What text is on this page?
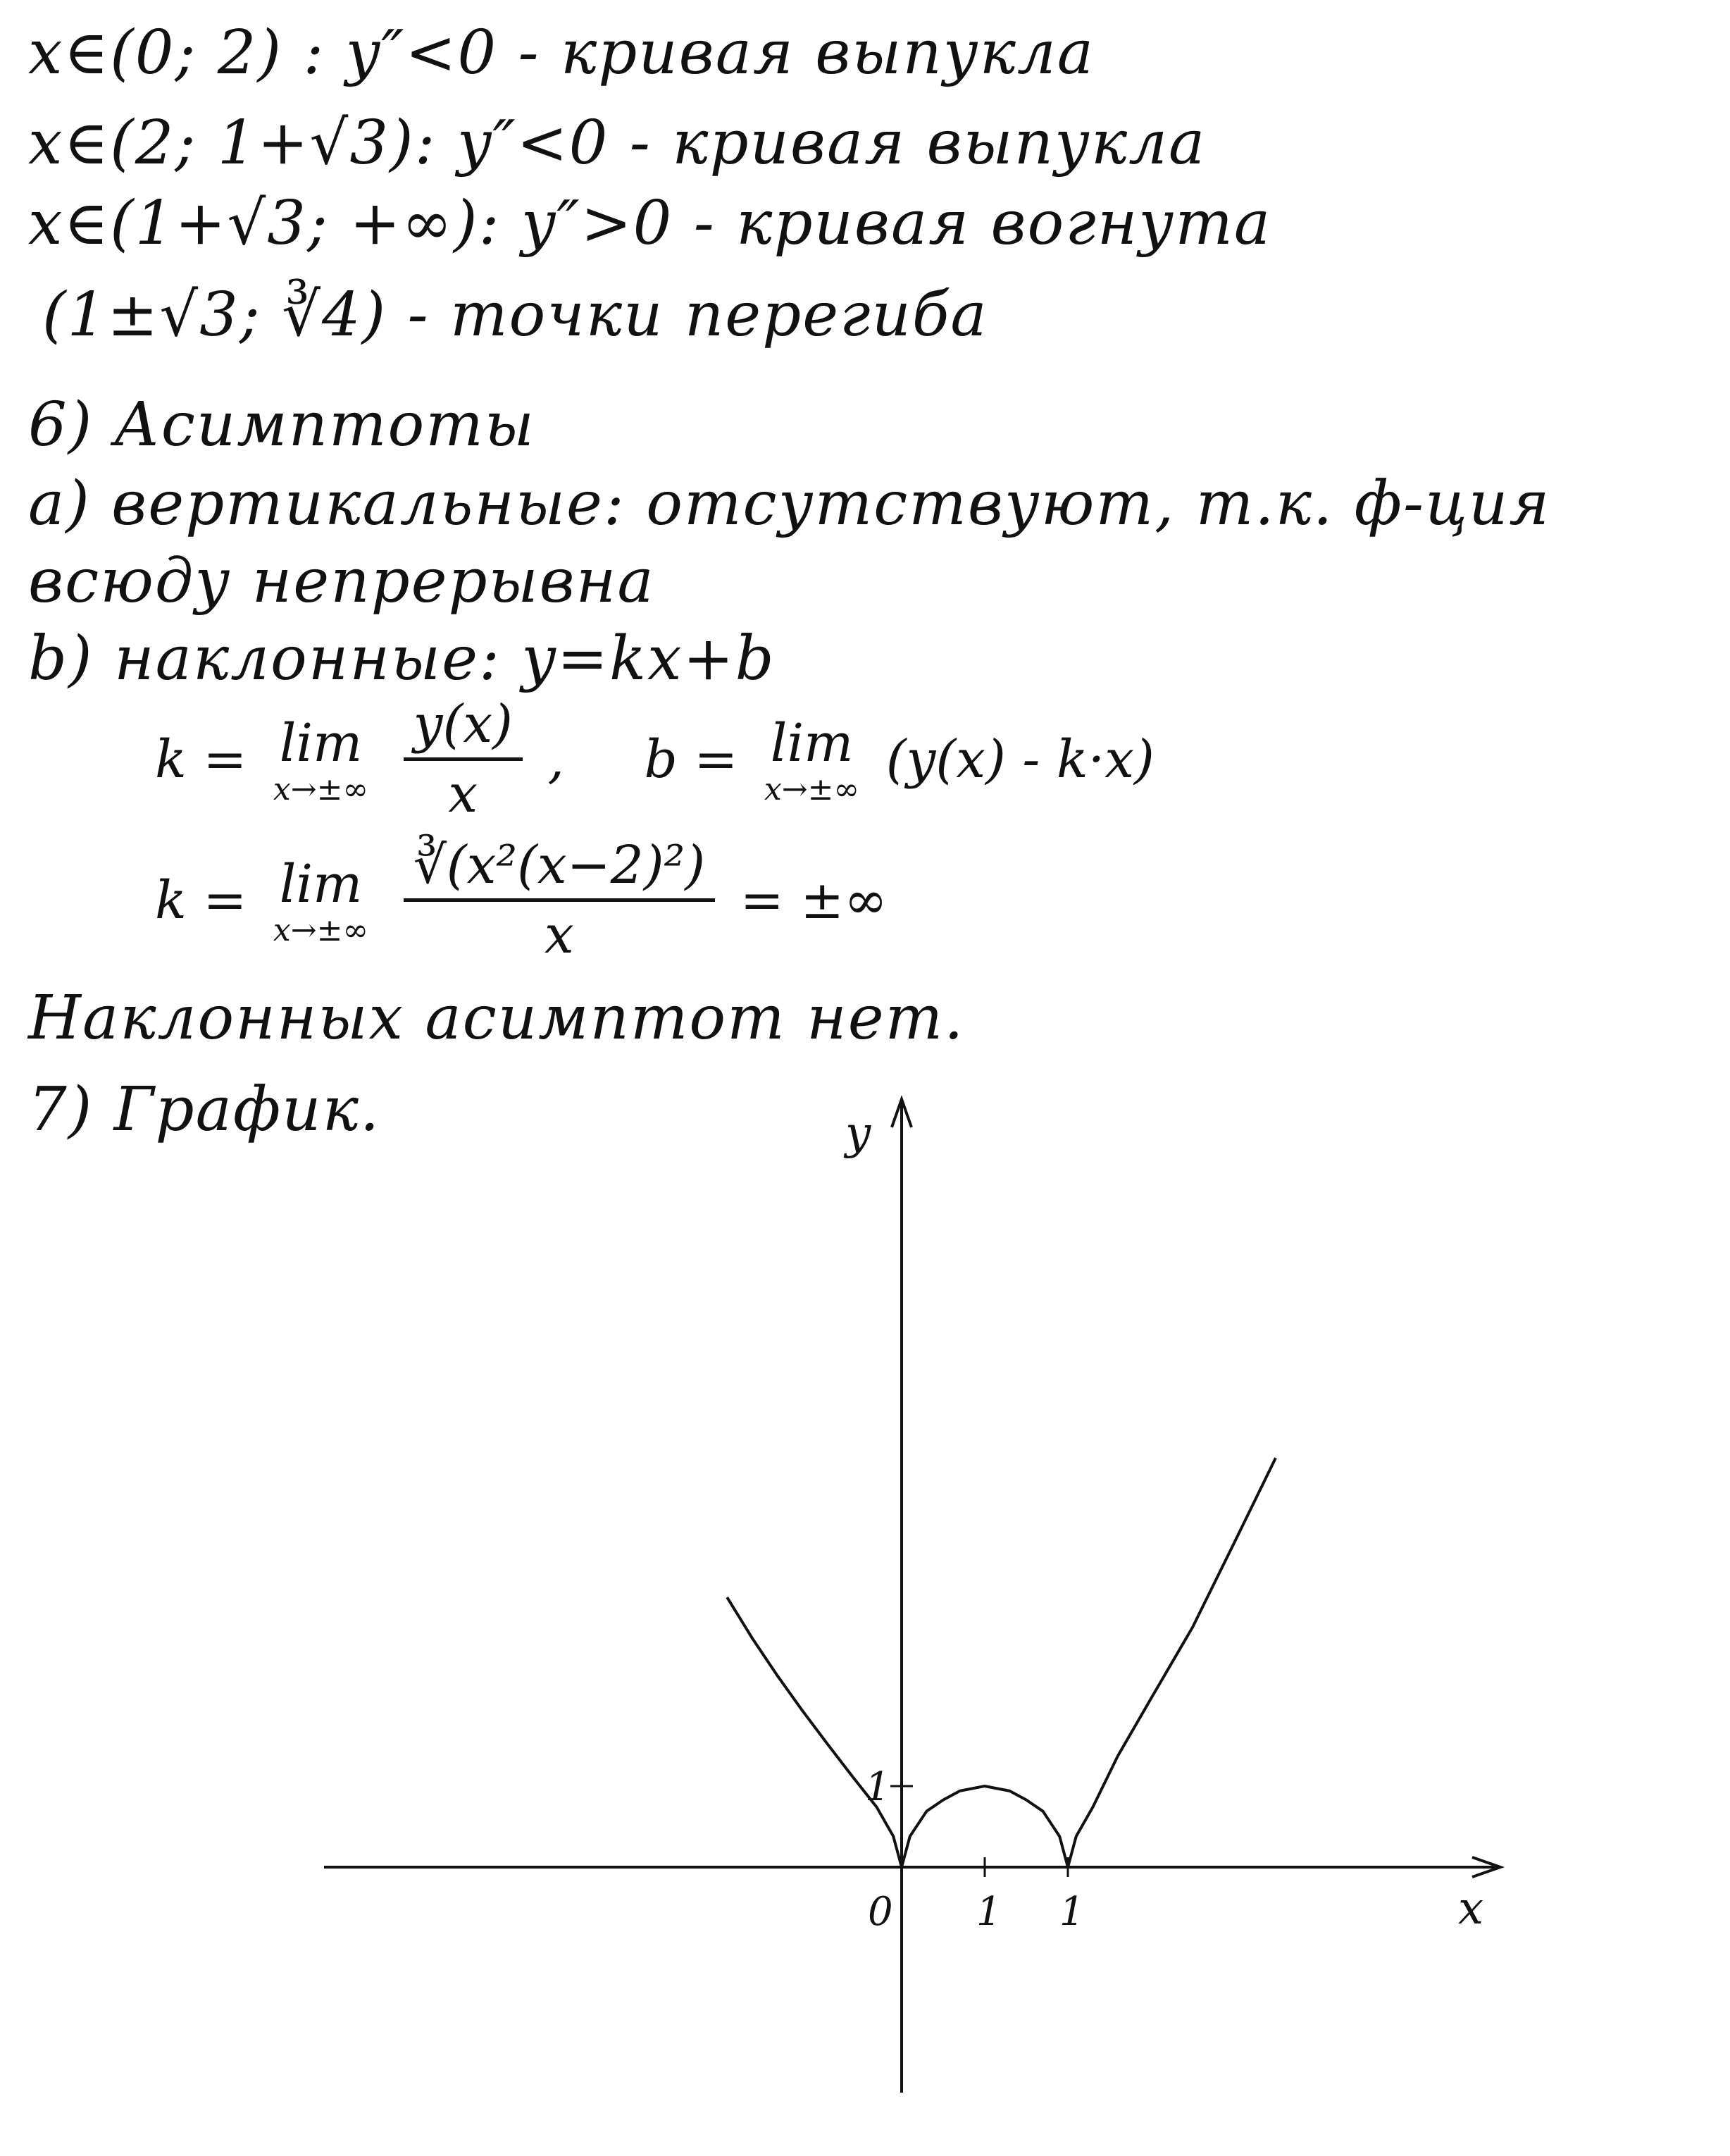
x∈(0; 2) : y″<0 - кривая выпукла
x∈(2; 1+√3): y″<0 - кривая выпукла
x∈(1+√3; +∞): y″>0 - кривая вогнута
(1±√3; ∛4) - точки перегиба
6) Асимптоты
a) вертикальные: отсутствуют, т.к. ф-ция
всюду непрерывна
b) наклонные: y=kx+b
k = lim
x→±∞
$\frac{y(x)}{x}$ , b = lim
x→±∞ (y(x) - k·x)
k = lim
x→±∞
$\frac{\text{∛(x²(x−2)²)}}{x}$ = ±∞
Наклонных асимптот нет.
7) График.
x
y
0 1 1
1
